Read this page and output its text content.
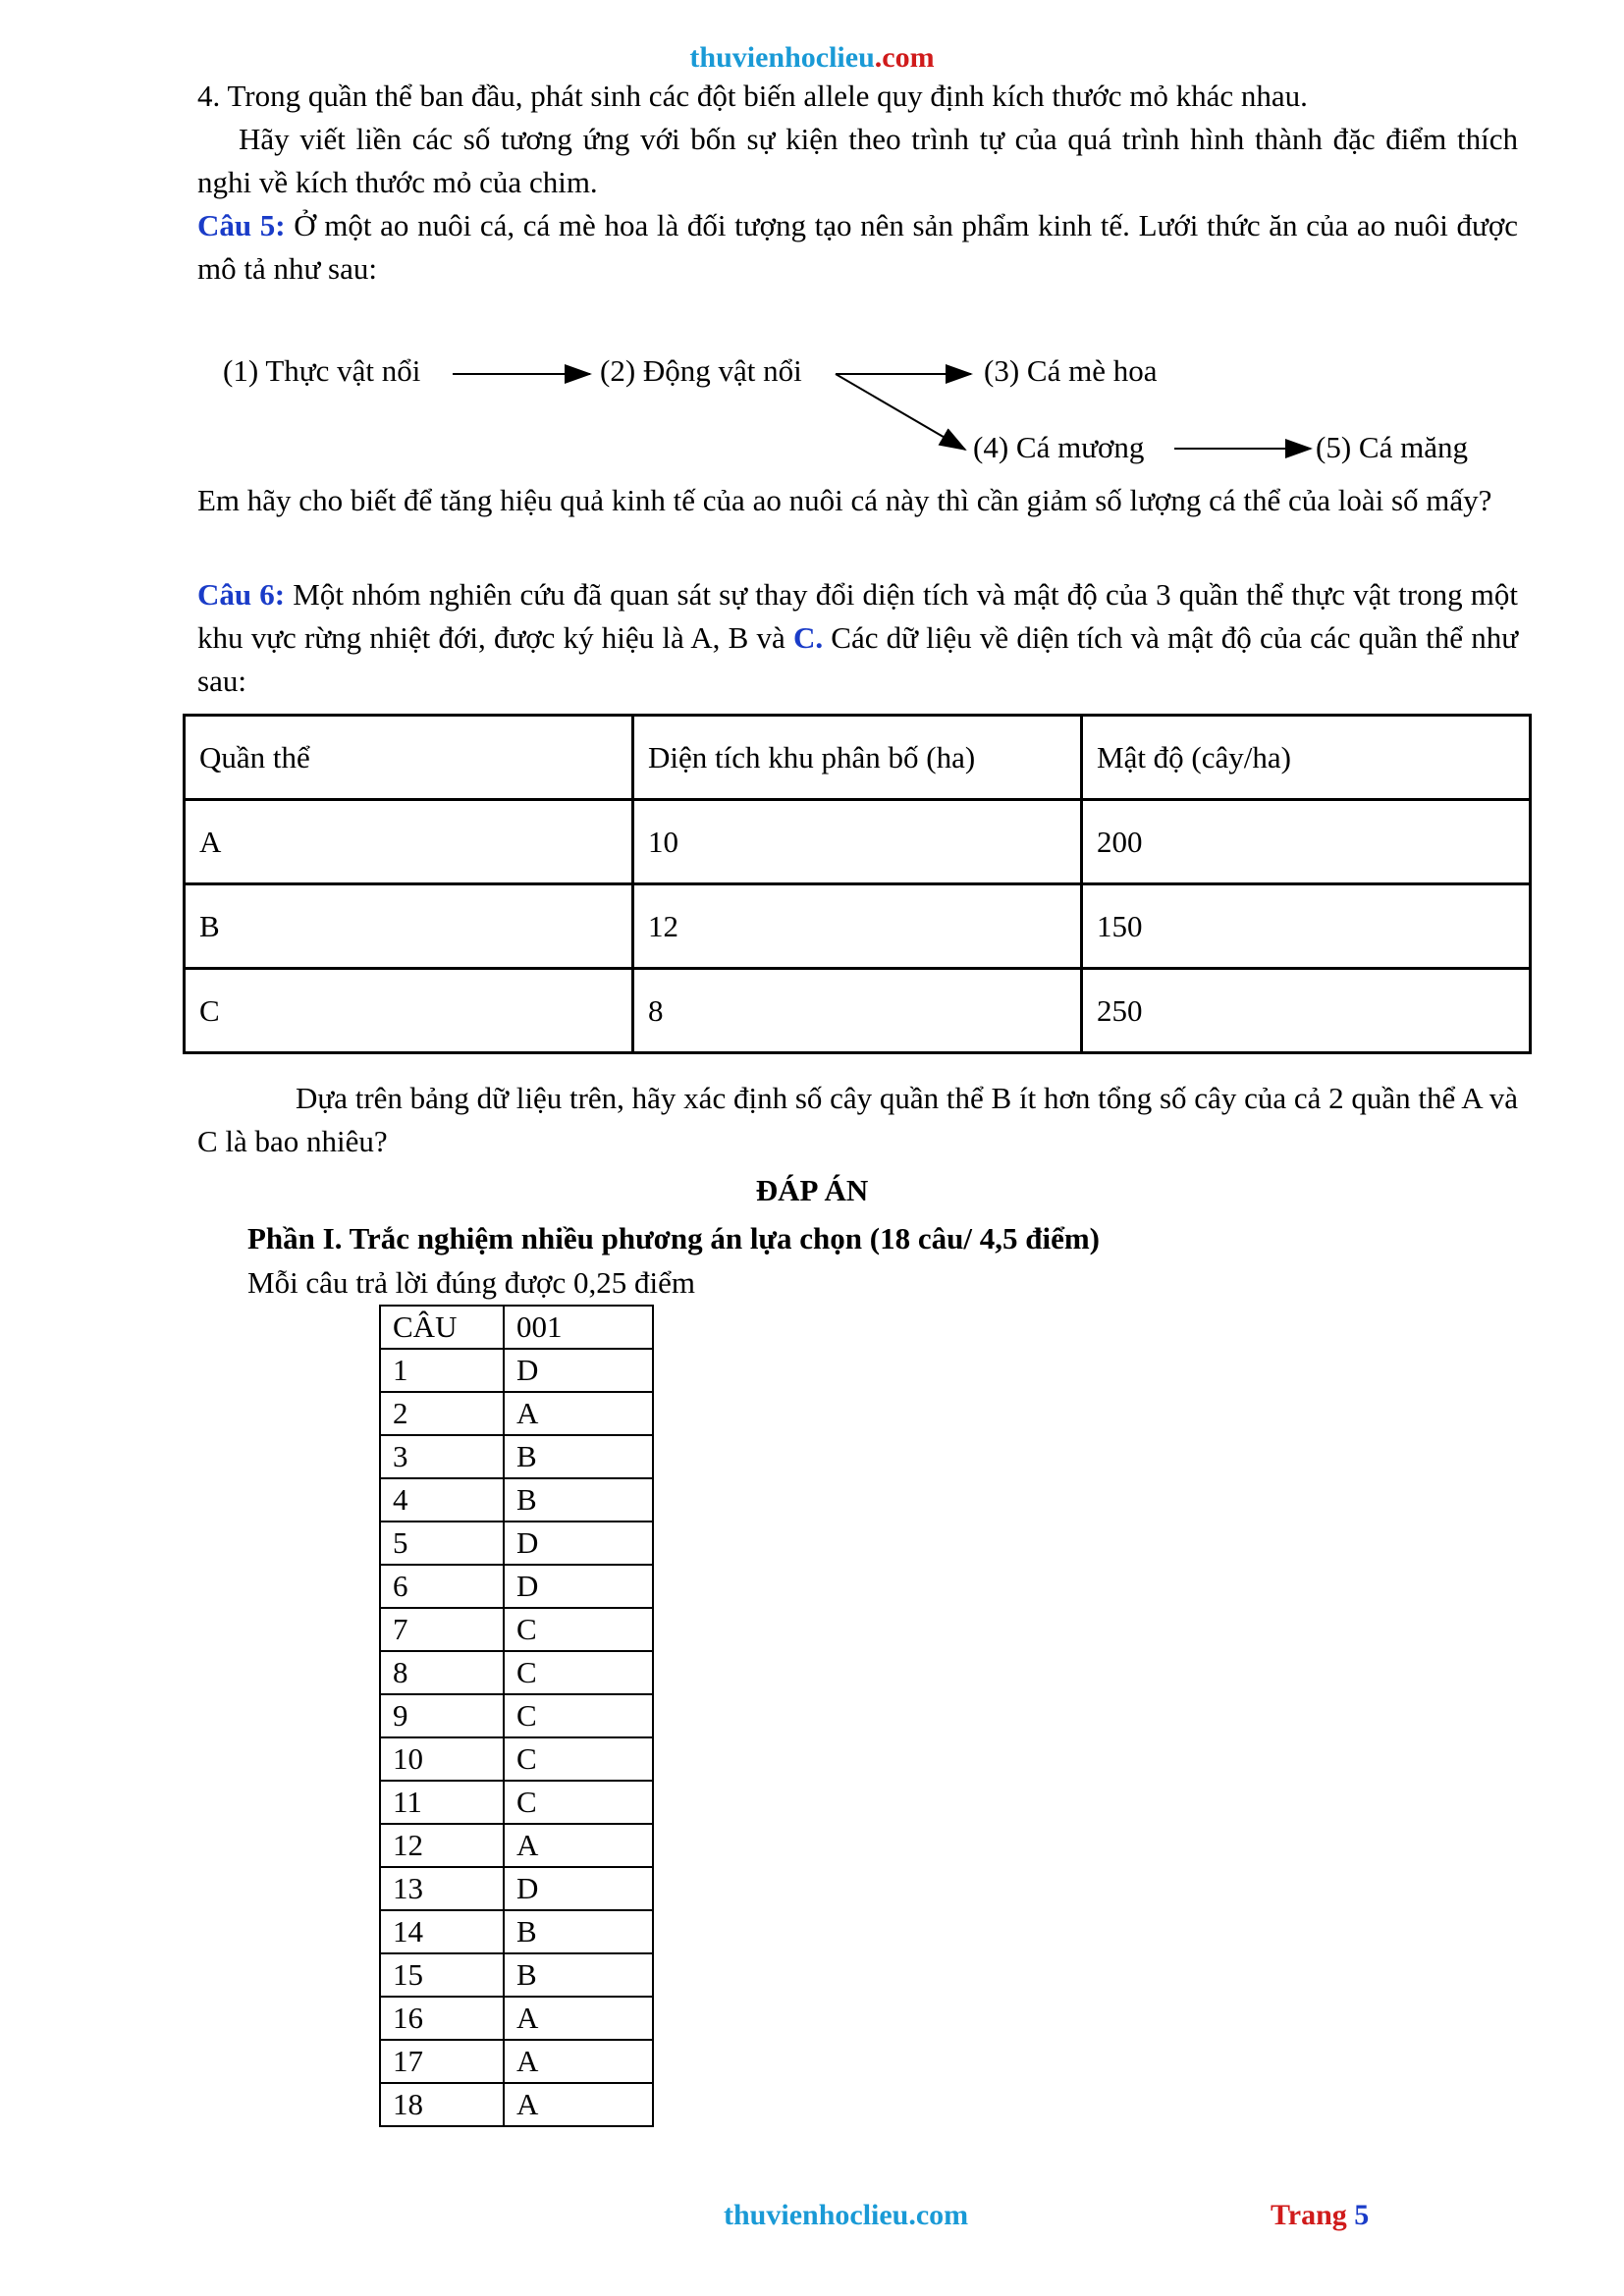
thuvienhoclieu.com
4. Trong quần thể ban đầu, phát sinh các đột biến allele quy định kích thước mỏ khác nhau.
Hãy viết liền các số tương ứng với bốn sự kiện theo trình tự của quá trình hình thành đặc điểm thích nghi về kích thước mỏ của chim.
Câu 5: Ở một ao nuôi cá, cá mè hoa là đối tượng tạo nên sản phẩm kinh tế. Lưới thức ăn của ao nuôi được mô tả như sau:
(1) Thực vật nổi	(2) Động vật nổi	(3) Cá mè hoa
(4) Cá mương	(5) Cá măng
Em hãy cho biết để tăng hiệu quả kinh tế của ao nuôi cá này thì cần giảm số lượng cá thể của loài số mấy?
Câu 6: Một nhóm nghiên cứu đã quan sát sự thay đổi diện tích và mật độ của 3 quần thể thực vật trong một khu vực rừng nhiệt đới, được ký hiệu là A, B và C. Các dữ liệu về diện tích và mật độ của các quần thể như sau:
Quần thể	Diện tích khu phân bố (ha)	Mật độ (cây/ha)
A	10	200
B	12	150
C	8	250
Dựa trên bảng dữ liệu trên, hãy xác định số cây quần thể B ít hơn tổng số cây của cả 2 quần thể A và C là bao nhiêu?
ĐÁP ÁN
Phần I. Trắc nghiệm nhiều phương án lựa chọn (18 câu/ 4,5 điểm)
Mỗi câu trả lời đúng được 0,25 điểm
CÂU	001
1	D
2	A
3	B
4	B
5	D
6	D
7	C
8	C
9	C
10	C
11	C
12	A
13	D
14	B
15	B
16	A
17	A
18	A
thuvienhoclieu.com	Trang 5
